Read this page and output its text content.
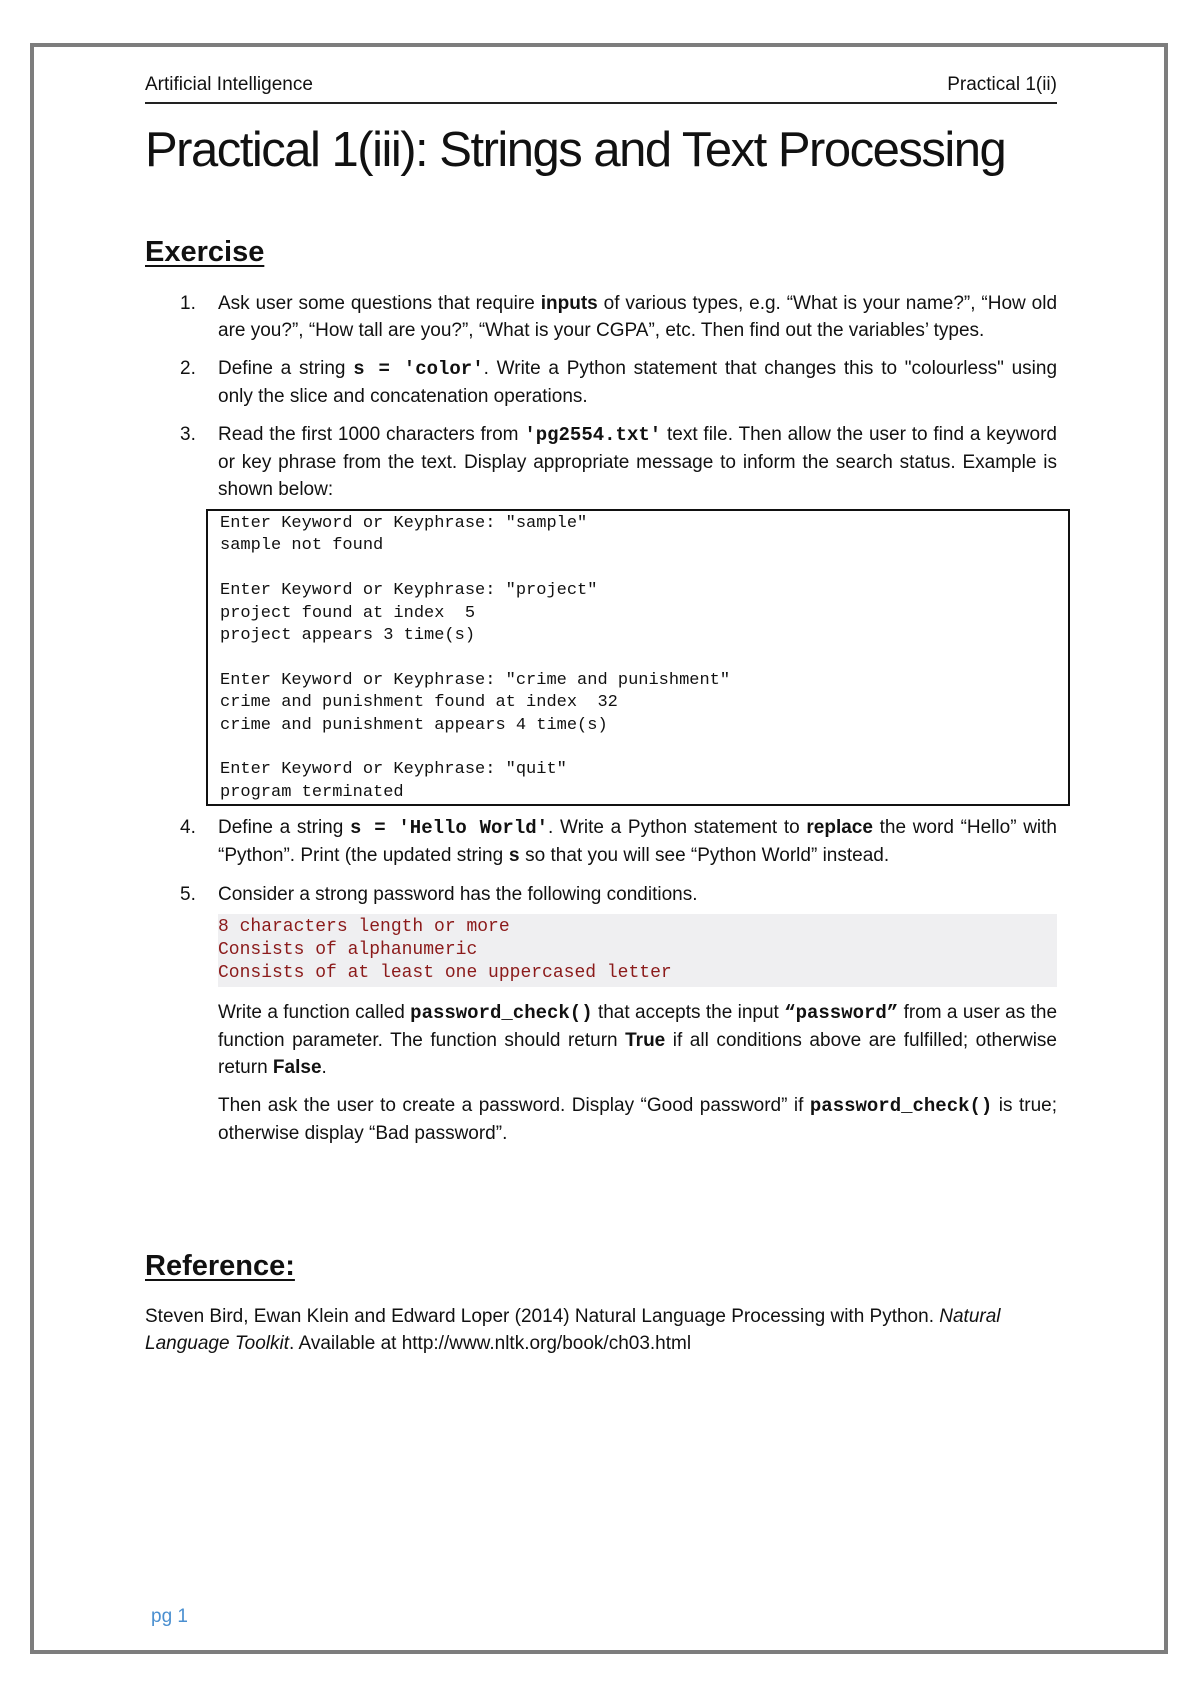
Artificial Intelligence	Practical 1(ii)
Practical 1(iii): Strings and Text Processing
Exercise
1. Ask user some questions that require inputs of various types, e.g. “What is your name?”, “How old are you?”, “How tall are you?”, “What is your CGPA”, etc. Then find out the variables’ types.
2. Define a string s = 'color'. Write a Python statement that changes this to "colourless" using only the slice and concatenation operations.
3. Read the first 1000 characters from 'pg2554.txt' text file. Then allow the user to find a keyword or key phrase from the text. Display appropriate message to inform the search status. Example is shown below:
Enter Keyword or Keyphrase: "sample"
sample not found
Enter Keyword or Keyphrase: "project"
project found at index  5
project appears 3 time(s)
Enter Keyword or Keyphrase: "crime and punishment"
crime and punishment found at index  32
crime and punishment appears 4 time(s)
Enter Keyword or Keyphrase: "quit"
program terminated
4. Define a string s = 'Hello World'. Write a Python statement to replace the word “Hello” with “Python”. Print (the updated string s so that you will see “Python World” instead.
5. Consider a strong password has the following conditions.
8 characters length or more
Consists of alphanumeric
Consists of at least one uppercased letter
Write a function called password_check() that accepts the input “password” from a user as the function parameter. The function should return True if all conditions above are fulfilled; otherwise return False.
Then ask the user to create a password. Display “Good password” if password_check() is true; otherwise display “Bad password”.
Reference:
Steven Bird, Ewan Klein and Edward Loper (2014) Natural Language Processing with Python. Natural Language Toolkit. Available at http://www.nltk.org/book/ch03.html
pg 1
